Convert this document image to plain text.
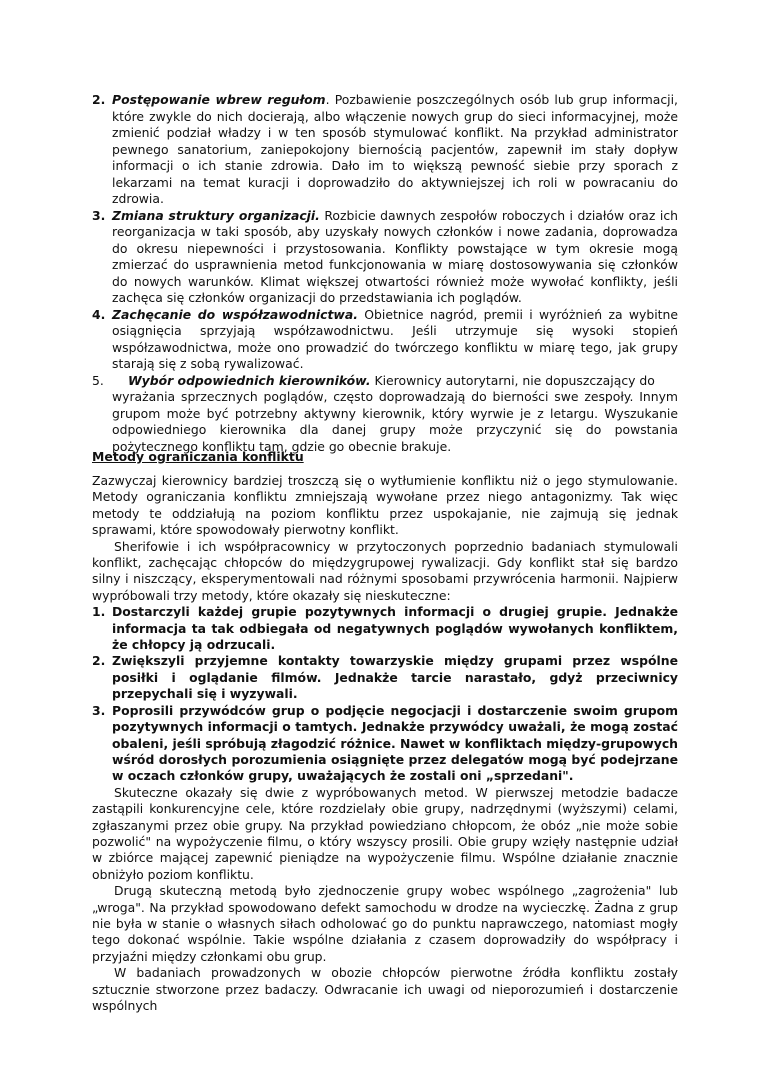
2. Postępowanie wbrew regułom. Pozbawienie poszczególnych osób lub grup informacji, które zwykle do nich docierają, albo włączenie nowych grup do sieci informacyjnej, może zmienić podział władzy i w ten sposób stymulować konflikt. Na przykład administrator pewnego sanatorium, zaniepokojony biernością pacjentów, zapewnił im stały dopływ informacji o ich stanie zdrowia. Dało im to większą pewność siebie przy sporach z lekarzami na temat kuracji i doprowadziło do aktywniejszej ich roli w powracaniu do zdrowia.
3. Zmiana struktury organizacji. Rozbicie dawnych zespołów roboczych i działów oraz ich reorganizacja w taki sposób, aby uzyskały nowych członków i nowe zadania, doprowadza do okresu niepewności i przystosowania. Konflikty powstające w tym okresie mogą zmierzać do usprawnienia metod funkcjonowania w miarę dostosowywania się członków do nowych warunków. Klimat większej otwartości również może wywołać konflikty, jeśli zachęca się członków organizacji do przedstawiania ich poglądów.
4. Zachęcanie do współzawodnictwa. Obietnice nagród, premii i wyróżnień za wybitne osiągnięcia sprzyjają współzawodnictwu. Jeśli utrzymuje się wysoki stopień współzawodnictwa, może ono prowadzić do twórczego konfliktu w miarę tego, jak grupy starają się z sobą rywalizować.
5. Wybór odpowiednich kierowników. Kierownicy autorytarni, nie dopuszczający do
wyrażania sprzecznych poglądów, często doprowadzają do bierności swe zespoły. Innym grupom może być potrzebny aktywny kierownik, który wyrwie je z letargu. Wyszukanie odpowiedniego kierownika dla danej grupy może przyczynić się do powstania pożytecznego konfliktu tam, gdzie go obecnie brakuje.
Metody ograniczania konfliktu

Zazwyczaj kierownicy bardziej troszczą się o wytłumienie konfliktu niż o jego stymulowanie. Metody ograniczania konfliktu zmniejszają wywołane przez niego antagonizmy. Tak więc metody te oddziałują na poziom konfliktu przez uspokajanie, nie zajmują się jednak sprawami, które spowodowały pierwotny konflikt.

Sherifowie i ich współpracownicy w przytoczonych poprzednio badaniach stymulowali konflikt, zachęcając chłopców do międzygrupowej rywalizacji. Gdy konflikt stał się bardzo silny i niszczący, eksperymentowali nad różnymi sposobami przywrócenia harmonii. Najpierw wypróbowali trzy metody, które okazały się nieskuteczne:

1. Dostarczyli każdej grupie pozytywnych informacji o drugiej grupie. Jednakże informacja ta tak odbiegała od negatywnych poglądów wywołanych konfliktem, że chłopcy ją odrzucali.
2. Zwiększyli przyjemne kontakty towarzyskie między grupami przez wspólne posiłki i oglądanie filmów. Jednakże tarcie narastało, gdyż przeciwnicy przepychali się i wyzywali.
3. Poprosili przywódców grup o podjęcie negocjacji i dostarczenie swoim grupom pozytywnych informacji o tamtych. Jednakże przywódcy uważali, że mogą zostać obaleni, jeśli spróbują złagodzić różnice. Nawet w konfliktach między-grupowych wśród dorosłych porozumienia osiągnięte przez delegatów mogą być podejrzane w oczach członków grupy, uważających że zostali oni „sprzedani".

Skuteczne okazały się dwie z wypróbowanych metod. W pierwszej metodzie badacze zastąpili konkurencyjne cele, które rozdzielały obie grupy, nadrzędnymi (wyższymi) celami, zgłaszanymi przez obie grupy. Na przykład powiedziano chłopcom, że obóz „nie może sobie pozwolić" na wypożyczenie filmu, o który wszyscy prosili. Obie grupy wzięły następnie udział w zbiórce mającej zapewnić pieniądze na wypożyczenie filmu. Wspólne działanie znacznie obniżyło poziom konfliktu.

Drugą skuteczną metodą było zjednoczenie grupy wobec wspólnego „zagrożenia" lub „wroga". Na przykład spowodowano defekt samochodu w drodze na wycieczkę. Żadna z grup nie była w stanie o własnych siłach odholować go do punktu naprawczego, natomiast mogły tego dokonać wspólnie. Takie wspólne działania z czasem doprowadziły do współpracy i przyjaźni między członkami obu grup.

W badaniach prowadzonych w obozie chłopców pierwotne źródła konfliktu zostały sztucznie stworzone przez badaczy. Odwracanie ich uwagi od nieporozumień i dostarczenie wspólnych
